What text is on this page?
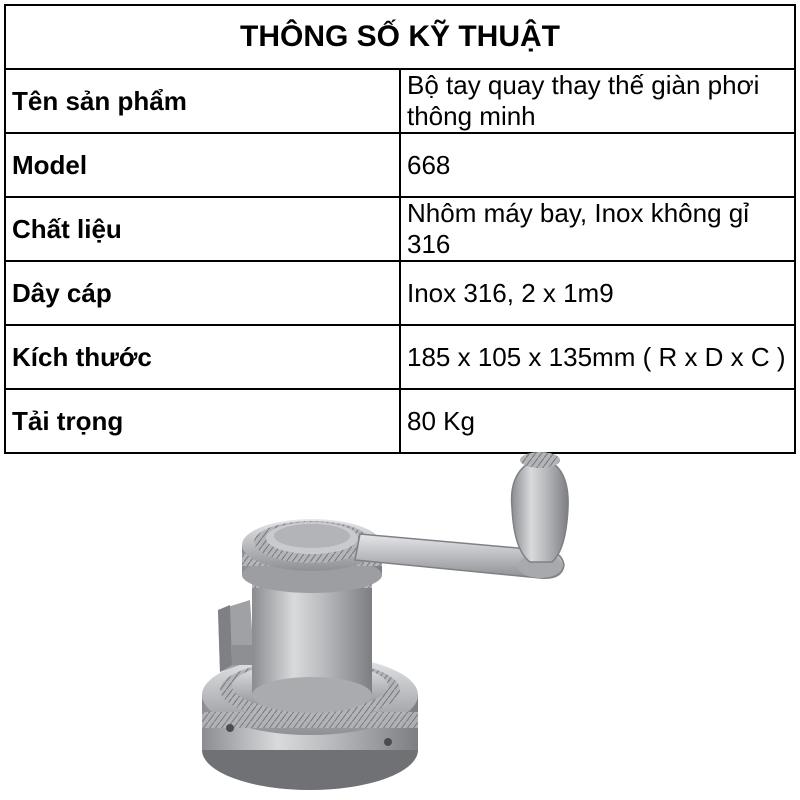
THÔNG SỐ KỸ THUẬT	
Tên sản phẩm	Bộ tay quay thay thế giàn phơi thông minh
Model	668
Chất liệu	Nhôm máy bay, Inox không gỉ 316
Dây cáp	Inox 316, 2 x 1m9
Kích thước	185 x 105 x 135mm ( R x D x C )
Tải trọng	80 Kg
